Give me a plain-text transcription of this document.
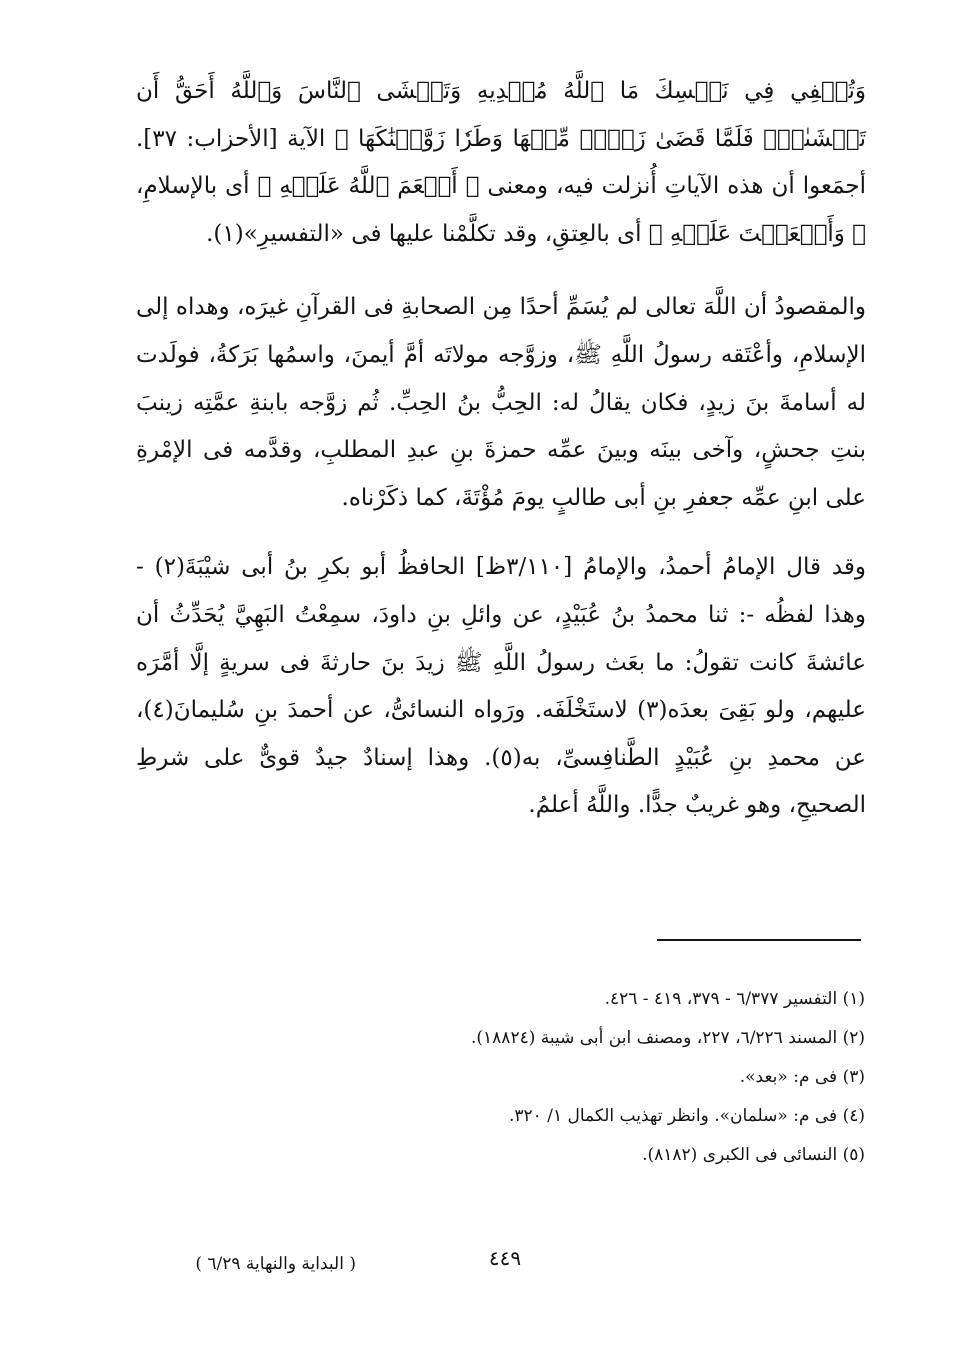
وَتُخۡفِي فِي نَفۡسِكَ مَا ٱللَّهُ مُبۡدِيهِ وَتَخۡشَى ٱلنَّاسَ وَٱللَّهُ أَحَقُّ أَن تَخۡشَىٰهُۖ فَلَمَّا قَضَىٰ زَيۡدٞ مِّنۡهَا وَطَرٗا زَوَّجۡنَٰكَهَا ﴾ الآية [الأحزاب: ٣٧]. أجمَعوا أن هذه الآياتِ أُنزلت فيه، ومعنى ﴿ أَنۡعَمَ ٱللَّهُ عَلَيۡهِ ﴾ أى بالإسلامِ، ﴿ وَأَنۡعَمۡتَ عَلَيۡهِ ﴾ أى بالعِتقِ، وقد تكلَّمْنا عليها فى «التفسيرِ»(١).

والمقصودُ أن اللَّهَ تعالى لم يُسَمِّ أحدًا مِن الصحابةِ فى القرآنِ غيرَه، وهداه إلى الإسلامِ، وأعْتَقه رسولُ اللَّهِ ﷺ، وزوَّجه مولاتَه أمَّ أيمنَ، واسمُها بَرَكةُ، فولَدت له أسامةَ بنَ زيدٍ، فكان يقالُ له: الحِبُّ بنُ الحِبِّ. ثُم زوَّجه بابنةِ عمَّتِه زينبَ بنتِ جحشٍ، وآخى بينَه وبينَ عمِّه حمزةَ بنِ عبدِ المطلبِ، وقدَّمه فى الإمْرةِ على ابنِ عمِّه جعفرِ بنِ أبى طالبٍ يومَ مُؤْتَةَ، كما ذكَرْناه.

وقد قال الإمامُ أحمدُ، والإمامُ [٣/١١٠ظ] الحافظُ أبو بكرِ بنُ أبى شيْبَةَ(٢) - وهذا لفظُه -: ثنا محمدُ بنُ عُبَيْدٍ، عن وائلِ بنِ داودَ، سمِعْتُ البَهِيَّ يُحَدِّثُ أن عائشةَ كانت تقولُ: ما بعَث رسولُ اللَّهِ ﷺ زيدَ بنَ حارثةَ فى سريةٍ إلَّا أمَّرَه عليهم، ولو بَقِىَ بعدَه(٣) لاستَخْلَفَه. ورَواه النسائىُّ، عن أحمدَ بنِ سُليمانَ(٤)، عن محمدِ بنِ عُبَيْدٍ الطَّنافِسىِّ، به(٥). وهذا إسنادٌ جيدٌ قوىٌّ على شرطِ الصحيحِ، وهو غريبٌ جدًّا. واللَّهُ أعلمُ.

(١) التفسير ٦/٣٧٧ - ٣٧٩، ٤١٩ - ٤٢٦.
(٢) المسند ٦/٢٢٦، ٢٢٧، ومصنف ابن أبى شيبة (١٨٨٢٤).
(٣) فى م: «بعد».
(٤) فى م: «سلمان». وانظر تهذيب الكمال ١/ ٣٢٠.
(٥) النسائى فى الكبرى (٨١٨٢).
٤٤٩
( البداية والنهاية ٦/٢٩ )
